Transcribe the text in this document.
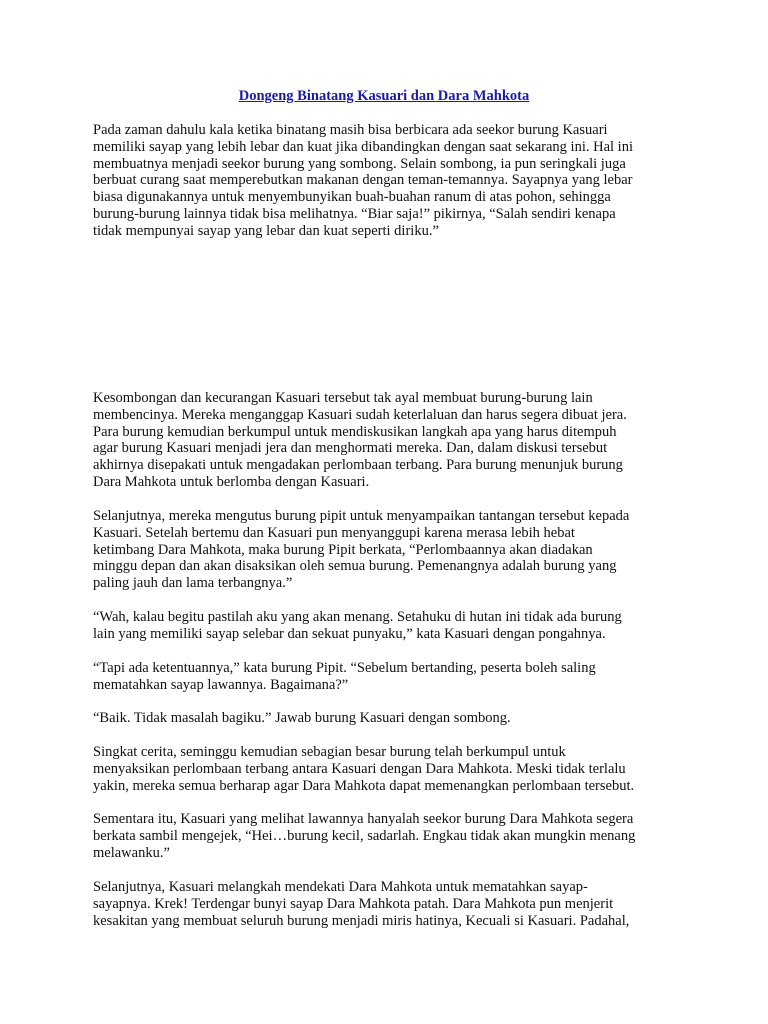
Dongeng Binatang Kasuari dan Dara Mahkota

Pada zaman dahulu kala ketika binatang masih bisa berbicara ada seekor burung Kasuari
memiliki sayap yang lebih lebar dan kuat jika dibandingkan dengan saat sekarang ini. Hal ini
membuatnya menjadi seekor burung yang sombong. Selain sombong, ia pun seringkali juga
berbuat curang saat memperebutkan makanan dengan teman-temannya. Sayapnya yang lebar
biasa digunakannya untuk menyembunyikan buah-buahan ranum di atas pohon, sehingga
burung-burung lainnya tidak bisa melihatnya. “Biar saja!” pikirnya, “Salah sendiri kenapa
tidak mempunyai sayap yang lebar dan kuat seperti diriku.”

Kesombongan dan kecurangan Kasuari tersebut tak ayal membuat burung-burung lain
membencinya. Mereka menganggap Kasuari sudah keterlaluan dan harus segera dibuat jera.
Para burung kemudian berkumpul untuk mendiskusikan langkah apa yang harus ditempuh
agar burung Kasuari menjadi jera dan menghormati mereka. Dan, dalam diskusi tersebut
akhirnya disepakati untuk mengadakan perlombaan terbang. Para burung menunjuk burung
Dara Mahkota untuk berlomba dengan Kasuari.

Selanjutnya, mereka mengutus burung pipit untuk menyampaikan tantangan tersebut kepada
Kasuari. Setelah bertemu dan Kasuari pun menyanggupi karena merasa lebih hebat
ketimbang Dara Mahkota, maka burung Pipit berkata, “Perlombaannya akan diadakan
minggu depan dan akan disaksikan oleh semua burung. Pemenangnya adalah burung yang
paling jauh dan lama terbangnya.”

“Wah, kalau begitu pastilah aku yang akan menang. Setahuku di hutan ini tidak ada burung
lain yang memiliki sayap selebar dan sekuat punyaku,” kata Kasuari dengan pongahnya.

“Tapi ada ketentuannya,” kata burung Pipit. “Sebelum bertanding, peserta boleh saling
mematahkan sayap lawannya. Bagaimana?”

“Baik. Tidak masalah bagiku.” Jawab burung Kasuari dengan sombong.

Singkat cerita, seminggu kemudian sebagian besar burung telah berkumpul untuk
menyaksikan perlombaan terbang antara Kasuari dengan Dara Mahkota. Meski tidak terlalu
yakin, mereka semua berharap agar Dara Mahkota dapat memenangkan perlombaan tersebut.

Sementara itu, Kasuari yang melihat lawannya hanyalah seekor burung Dara Mahkota segera
berkata sambil mengejek, “Hei…burung kecil, sadarlah. Engkau tidak akan mungkin menang
melawanku.”

Selanjutnya, Kasuari melangkah mendekati Dara Mahkota untuk mematahkan sayap-
sayapnya. Krek! Terdengar bunyi sayap Dara Mahkota patah. Dara Mahkota pun menjerit
kesakitan yang membuat seluruh burung menjadi miris hatinya, Kecuali si Kasuari. Padahal,
